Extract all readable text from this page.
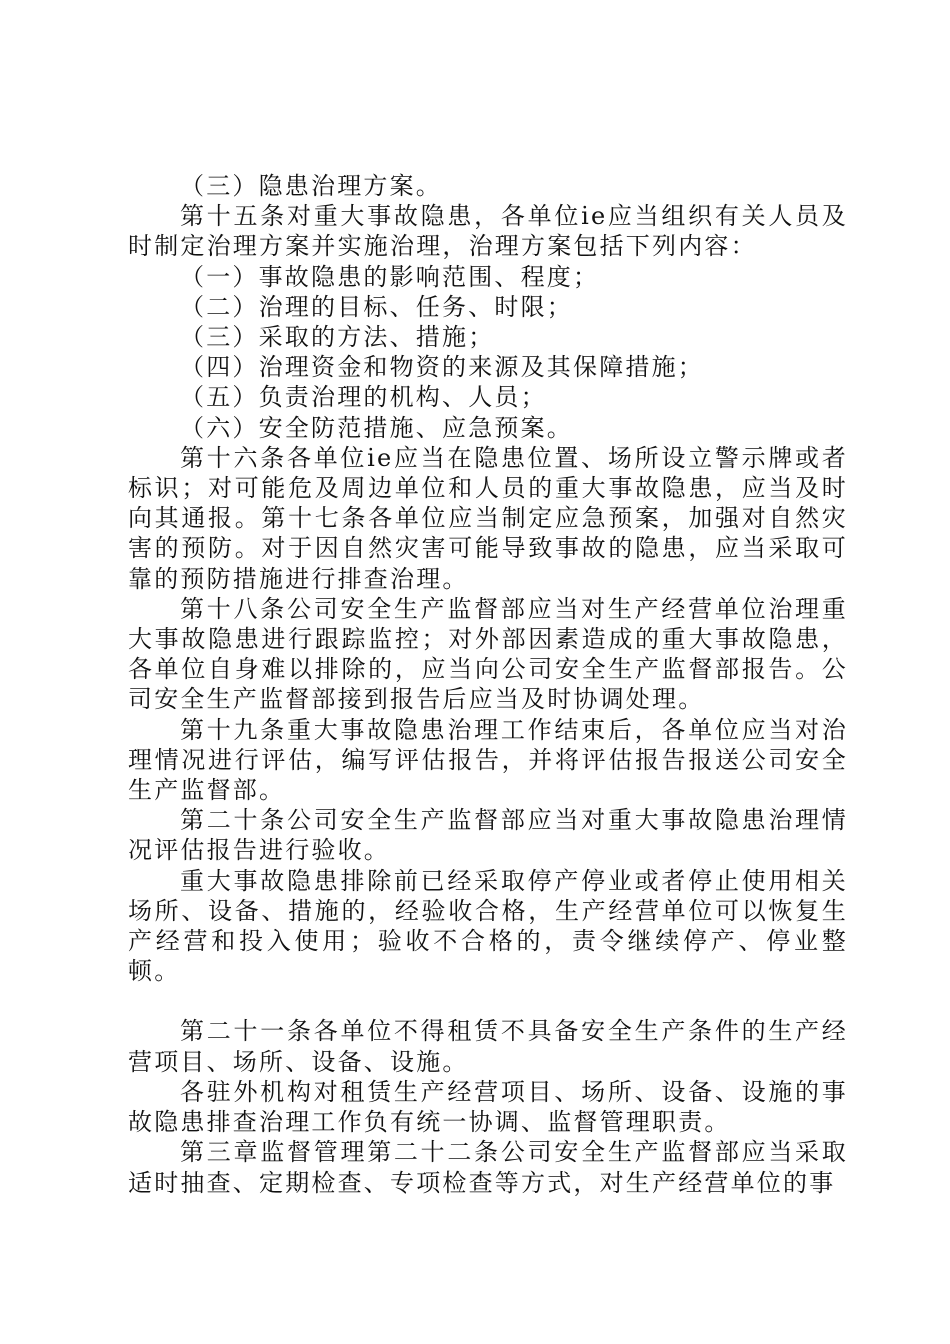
（三）隐患治理方案。

第十五条对重大事故隐患，各单位ie应当组织有关人员及时制定治理方案并实施治理，治理方案包括下列内容：

（一）事故隐患的影响范围、程度；

（二）治理的目标、任务、时限；

（三）采取的方法、措施；

（四）治理资金和物资的来源及其保障措施；

（五）负责治理的机构、人员；

（六）安全防范措施、应急预案。

第十六条各单位ie应当在隐患位置、场所设立警示牌或者标识；对可能危及周边单位和人员的重大事故隐患，应当及时向其通报。第十七条各单位应当制定应急预案，加强对自然灾害的预防。对于因自然灾害可能导致事故的隐患，应当采取可靠的预防措施进行排查治理。

第十八条公司安全生产监督部应当对生产经营单位治理重大事故隐患进行跟踪监控；对外部因素造成的重大事故隐患，各单位自身难以排除的，应当向公司安全生产监督部报告。公司安全生产监督部接到报告后应当及时协调处理。

第十九条重大事故隐患治理工作结束后，各单位应当对治理情况进行评估，编写评估报告，并将评估报告报送公司安全生产监督部。

第二十条公司安全生产监督部应当对重大事故隐患治理情况评估报告进行验收。

重大事故隐患排除前已经采取停产停业或者停止使用相关场所、设备、措施的，经验收合格，生产经营单位可以恢复生产经营和投入使用；验收不合格的，责令继续停产、停业整顿。

第二十一条各单位不得租赁不具备安全生产条件的生产经营项目、场所、设备、设施。

各驻外机构对租赁生产经营项目、场所、设备、设施的事故隐患排查治理工作负有统一协调、监督管理职责。

第三章监督管理第二十二条公司安全生产监督部应当采取适时抽查、定期检查、专项检查等方式，对生产经营单位的事
